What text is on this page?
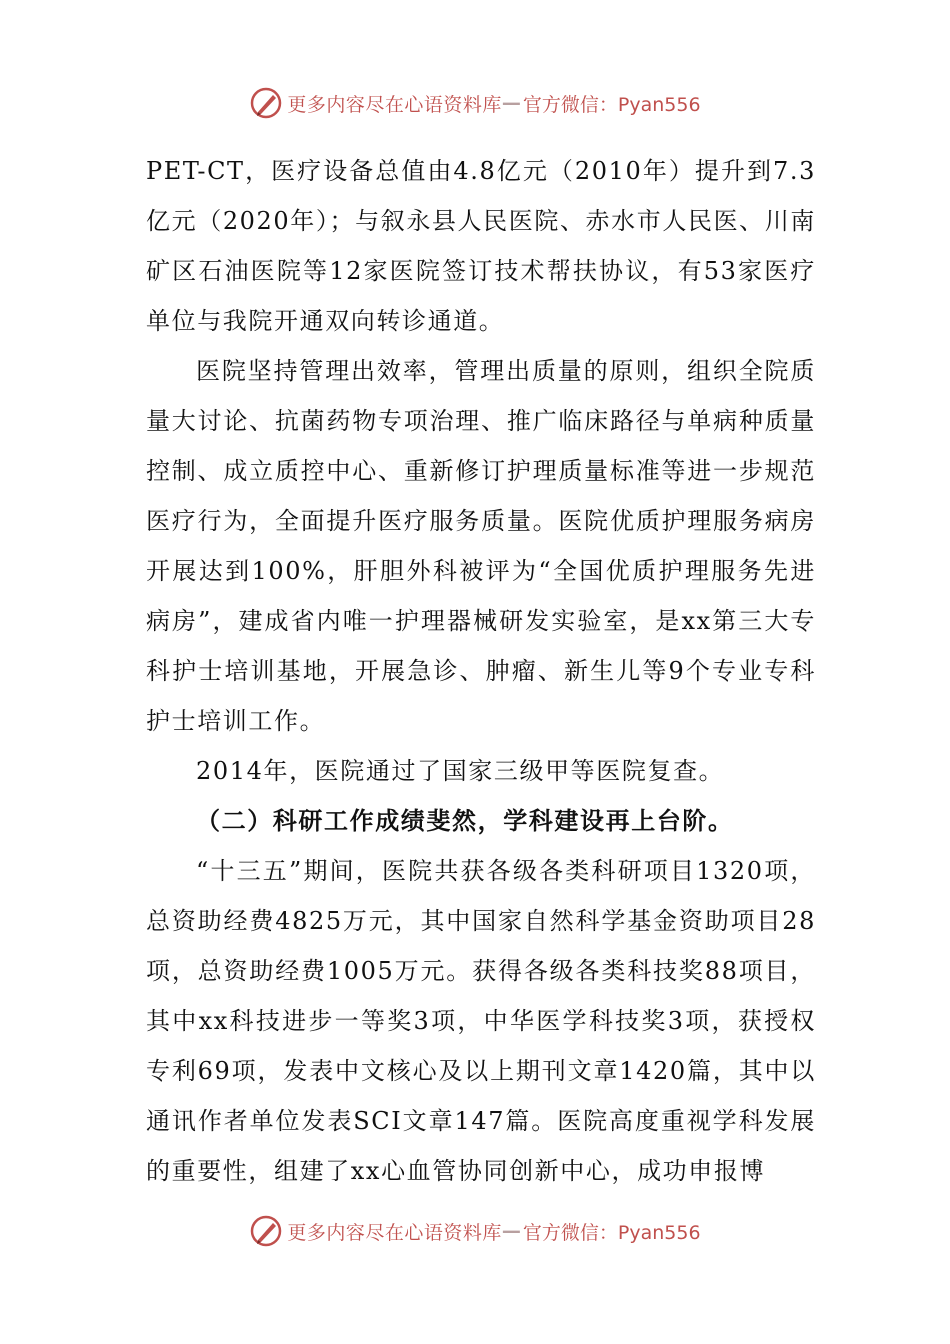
更多内容尽在心语资料库 — 官方微信：Pyan556

PET-CT，医疗设备总值由4.8亿元（2010年）提升到7.3亿元（2020年）；与叙永县人民医院、赤水市人民医、川南矿区石油医院等12家医院签订技术帮扶协议，有53家医疗单位与我院开通双向转诊通道。

医院坚持管理出效率，管理出质量的原则，组织全院质量大讨论、抗菌药物专项治理、推广临床路径与单病种质量控制、成立质控中心、重新修订护理质量标准等进一步规范医疗行为，全面提升医疗服务质量。医院优质护理服务病房开展达到100%，肝胆外科被评为“全国优质护理服务先进病房”，建成省内唯一护理器械研发实验室，是xx第三大专科护士培训基地，开展急诊、肿瘤、新生儿等9个专业专科护士培训工作。

2014年，医院通过了国家三级甲等医院复查。

（二）科研工作成绩斐然，学科建设再上台阶。

“十三五”期间，医院共获各级各类科研项目1320项，总资助经费4825万元，其中国家自然科学基金资助项目28项，总资助经费1005万元。获得各级各类科技奖88项目，其中xx科技进步一等奖3项，中华医学科技奖3项，获授权专利69项，发表中文核心及以上期刊文章1420篇，其中以通讯作者单位发表SCI文章147篇。医院高度重视学科发展的重要性，组建了xx心血管协同创新中心，成功申报博

更多内容尽在心语资料库 — 官方微信：Pyan556
